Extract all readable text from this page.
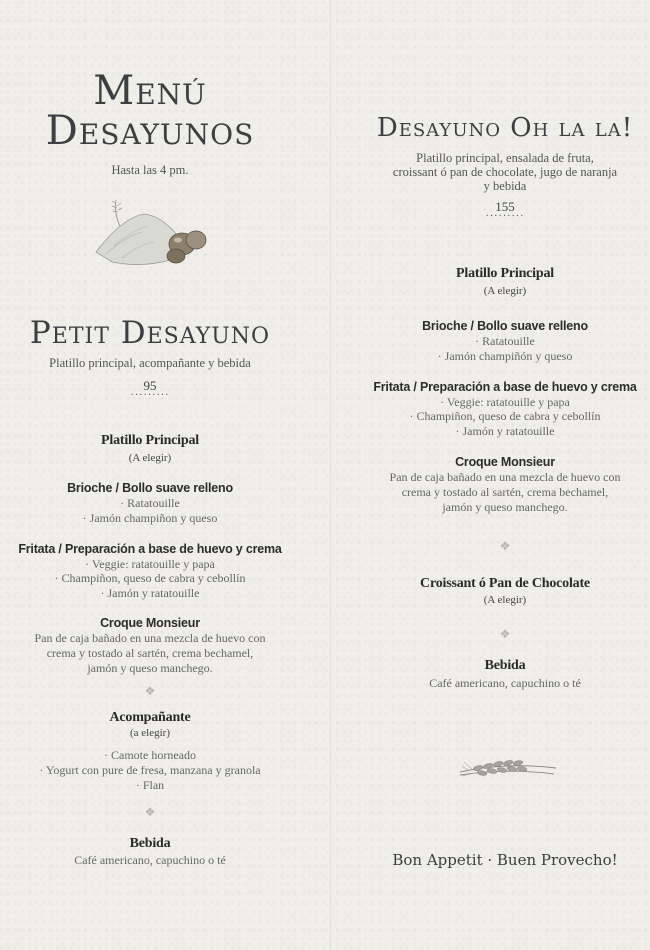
Menú
Desayunos
Hasta las 4 pm.
Petit Desayuno
Platillo principal, acompañante y bebida
95
·········
Platillo Principal
(A elegir)
Brioche / Bollo suave relleno
· Ratatouille
· Jamón champiñon y queso
Fritata / Preparación a base de huevo y crema
· Veggie: ratatouille y papa
· Champiñon, queso de cabra y cebollín
· Jamón y ratatouille
Croque Monsieur
Pan de caja bañado en una mezcla de huevo con
crema y tostado al sartén, crema bechamel,
jamón y queso manchego.
❖
Acompañante
(a elegir)
· Camote horneado
· Yogurt con pure de fresa, manzana y granola
· Flan
❖
Bebida
Café americano, capuchino o té
Desayuno Oh la la!
Platillo principal, ensalada de fruta,
croissant ó pan de chocolate, jugo de naranja
y bebida
155
·········
Platillo Principal
(A elegir)
Brioche / Bollo suave relleno
· Ratatouille
· Jamón champiñón y queso
Fritata / Preparación a base de huevo y crema
· Veggie: ratatouille y papa
· Champiñon, queso de cabra y cebollín
· Jamón y ratatouille
Croque Monsieur
Pan de caja bañado en una mezcla de huevo con
crema y tostado al sartén, crema bechamel,
jamón y queso manchego.
❖
Croissant ó Pan de Chocolate
(A elegir)
❖
Bebida
Café americano, capuchino o té
Bon Appetit · Buen Provecho!
